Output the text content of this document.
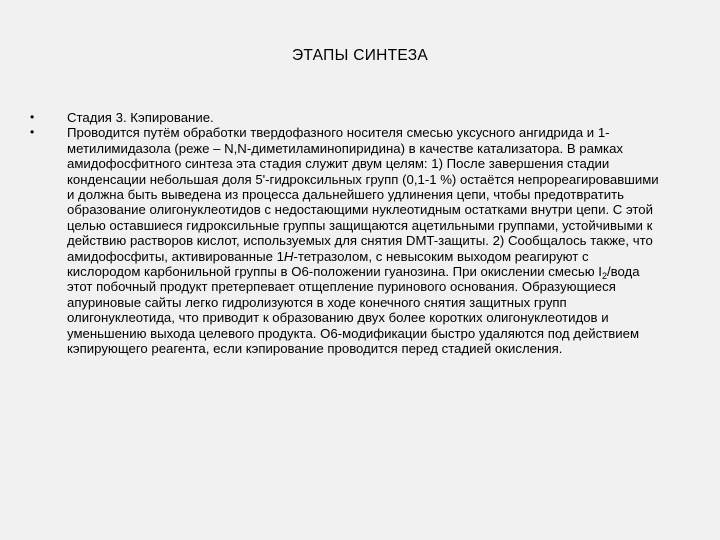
ЭТАПЫ СИНТЕЗА
• Стадия 3. Кэпирование.
• Проводится путём обработки твердофазного носителя смесью уксусного ангидрида и 1-метилимидазола (реже – N,N-диметиламинопиридина) в качестве катализатора. В рамках амидофосфитного синтеза эта стадия служит двум целям: 1) После завершения стадии конденсации небольшая доля 5'-гидроксильных групп (0,1-1 %) остаётся непрореагировавшими и должна быть выведена из процесса дальнейшего удлинения цепи, чтобы предотвратить образование олигонуклеотидов с недостающими нуклеотидным остатками внутри цепи. С этой целью оставшиеся гидроксильные группы защищаются ацетильными группами, устойчивыми к действию растворов кислот, используемых для снятия DMT-защиты. 2) Сообщалось также, что амидофосфиты, активированные 1H-тетразолом, с невысоким выходом реагируют с кислородом карбонильной группы в O6-положении гуанозина. При окислении смесью $I_2$/вода этот побочный продукт претерпевает отщепление пуринового основания. Образующиеся апуриновые сайты легко гидролизуются в ходе конечного снятия защитных групп олигонуклеотида, что приводит к образованию двух более коротких олигонуклеотидов и уменьшению выхода целевого продукта. O6-модификации быстро удаляются под действием кэпирующего реагента, если кэпирование проводится перед стадией окисления.
